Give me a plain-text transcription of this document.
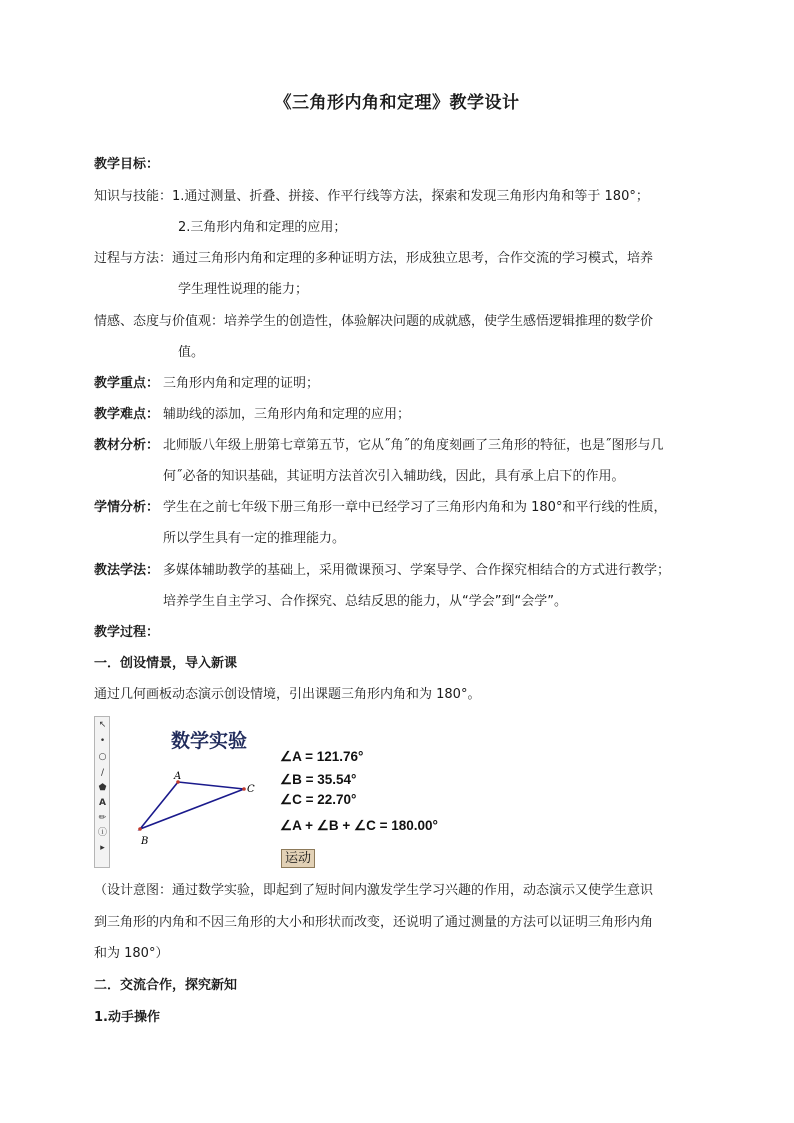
《三角形内角和定理》教学设计
教学目标：
知识与技能：1.通过测量、折叠、拼接、作平行线等方法，探索和发现三角形内角和等于 180°；
2.三角形内角和定理的应用；
过程与方法：通过三角形内角和定理的多种证明方法，形成独立思考，合作交流的学习模式，培养
学生理性说理的能力；
情感、态度与价值观：培养学生的创造性，体验解决问题的成就感，使学生感悟逻辑推理的数学价
值。
教学重点： 三角形内角和定理的证明；
教学难点： 辅助线的添加，三角形内角和定理的应用；
教材分析： 北师版八年级上册第七章第五节，它从˝角˝的角度刻画了三角形的特征，也是˝图形与几
何˝必备的知识基础，其证明方法首次引入辅助线，因此，具有承上启下的作用。
学情分析： 学生在之前七年级下册三角形一章中已经学习了三角形内角和为 180°和平行线的性质，
所以学生具有一定的推理能力。
教法学法： 多媒体辅助教学的基础上，采用微课预习、学案导学、合作探究相结合的方式进行教学；
培养学生自主学习、合作探究、总结反思的能力，从“学会”到“会学”。
教学过程：
一．创设情景，导入新课
通过几何画板动态演示创设情境，引出课题三角形内角和为 180°。
↖
•
○
∕
⬟
A
✏
ⓘ
▸
数学实验
A
C
B
∠A = 121.76°
∠B = 35.54°
∠C = 22.70°
∠A + ∠B + ∠C = 180.00°
运动
（设计意图：通过数学实验，即起到了短时间内激发学生学习兴趣的作用，动态演示又使学生意识
到三角形的内角和不因三角形的大小和形状而改变，还说明了通过测量的方法可以证明三角形内角
和为 180°）
二．交流合作，探究新知
1.动手操作
